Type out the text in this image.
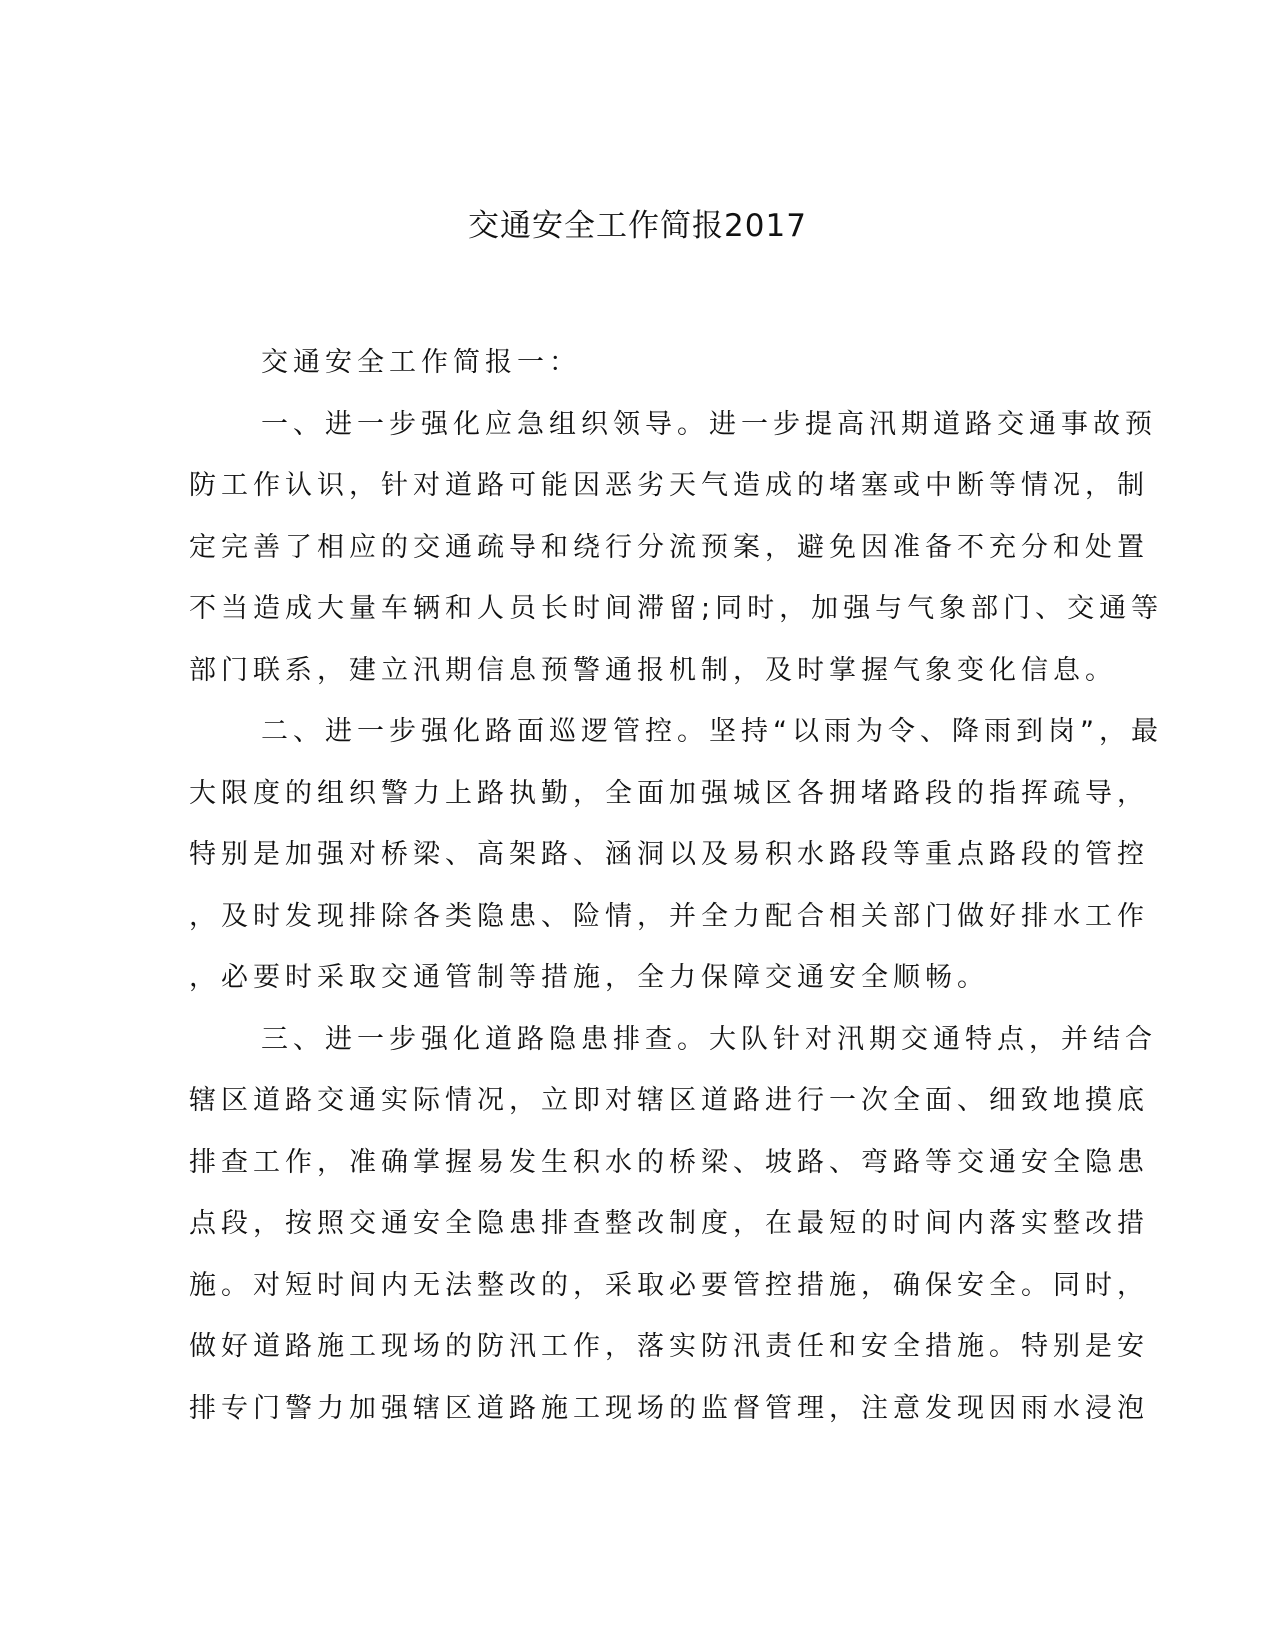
交通安全工作简报2017
交通安全工作简报一：
一、进一步强化应急组织领导。进一步提高汛期道路交通事故预
防工作认识，针对道路可能因恶劣天气造成的堵塞或中断等情况，制
定完善了相应的交通疏导和绕行分流预案，避免因准备不充分和处置
不当造成大量车辆和人员长时间滞留;同时，加强与气象部门、交通等
部门联系，建立汛期信息预警通报机制，及时掌握气象变化信息。
二、进一步强化路面巡逻管控。坚持“以雨为令、降雨到岗”，最
大限度的组织警力上路执勤，全面加强城区各拥堵路段的指挥疏导，
特别是加强对桥梁、高架路、涵洞以及易积水路段等重点路段的管控
，及时发现排除各类隐患、险情，并全力配合相关部门做好排水工作
，必要时采取交通管制等措施，全力保障交通安全顺畅。
三、进一步强化道路隐患排查。大队针对汛期交通特点，并结合
辖区道路交通实际情况，立即对辖区道路进行一次全面、细致地摸底
排查工作，准确掌握易发生积水的桥梁、坡路、弯路等交通安全隐患
点段，按照交通安全隐患排查整改制度，在最短的时间内落实整改措
施。对短时间内无法整改的，采取必要管控措施，确保安全。同时，
做好道路施工现场的防汛工作，落实防汛责任和安全措施。特别是安
排专门警力加强辖区道路施工现场的监督管理，注意发现因雨水浸泡
